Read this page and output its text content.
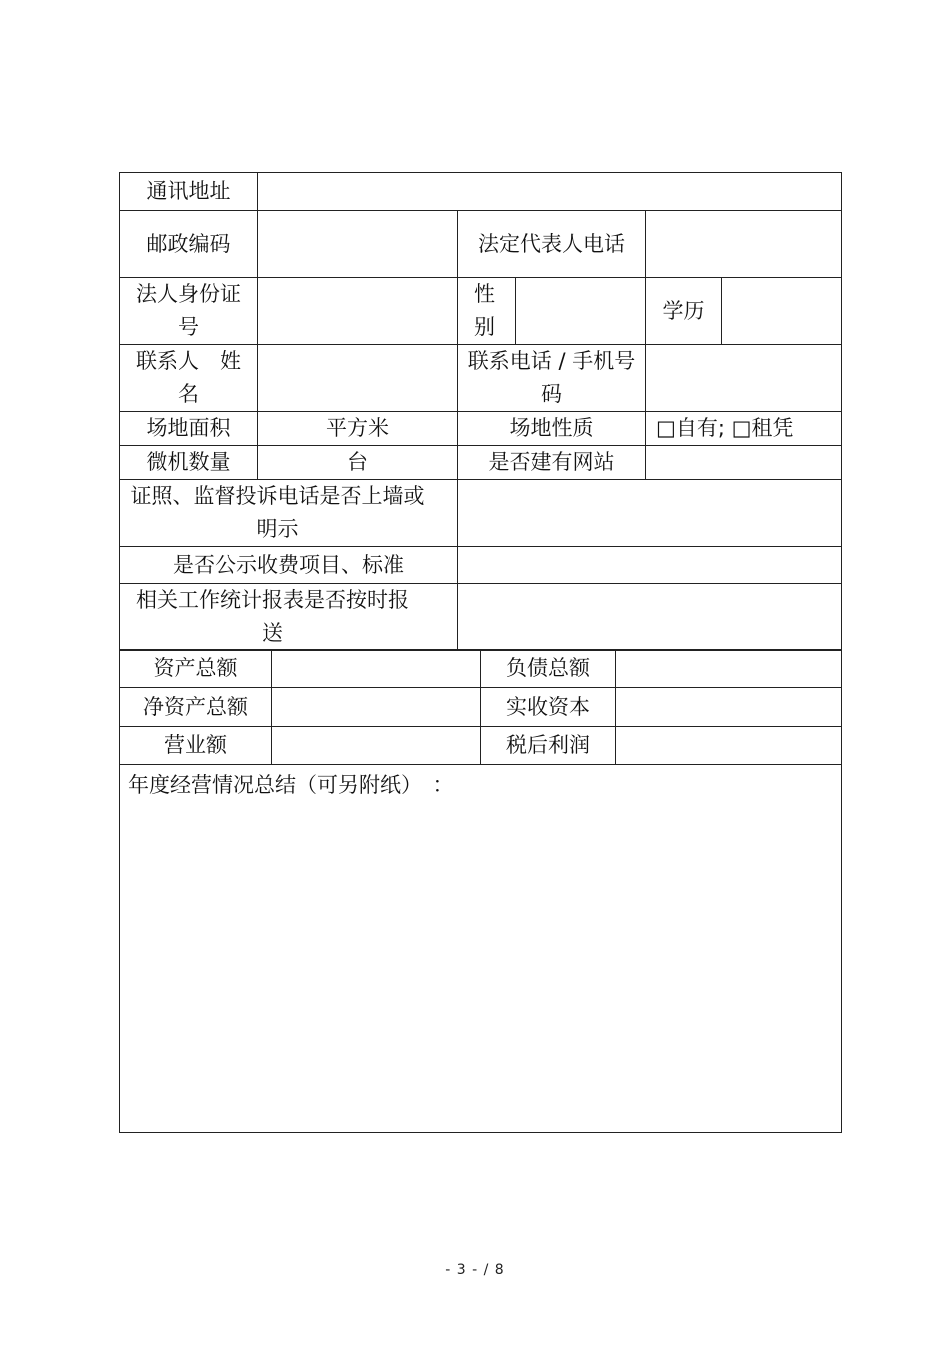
通讯地址					
邮政编码		法定代表人电话			
法人身份证号		性别		学历	
联系人　姓名		联系电话 / 手机号码			
场地面积	平方米	场地性质		□自有; □租凭	
微机数量	台	是否建有网站			
证照、监督投诉电话是否上墙或明示					
是否公示收费项目、标准					
相关工作统计报表是否按时报送					
资产总额		负债总额	
净资产总额		实收资本	
营业额		税后利润	
年度经营情况总结（可另附纸）　：			
- 3 - / 8
